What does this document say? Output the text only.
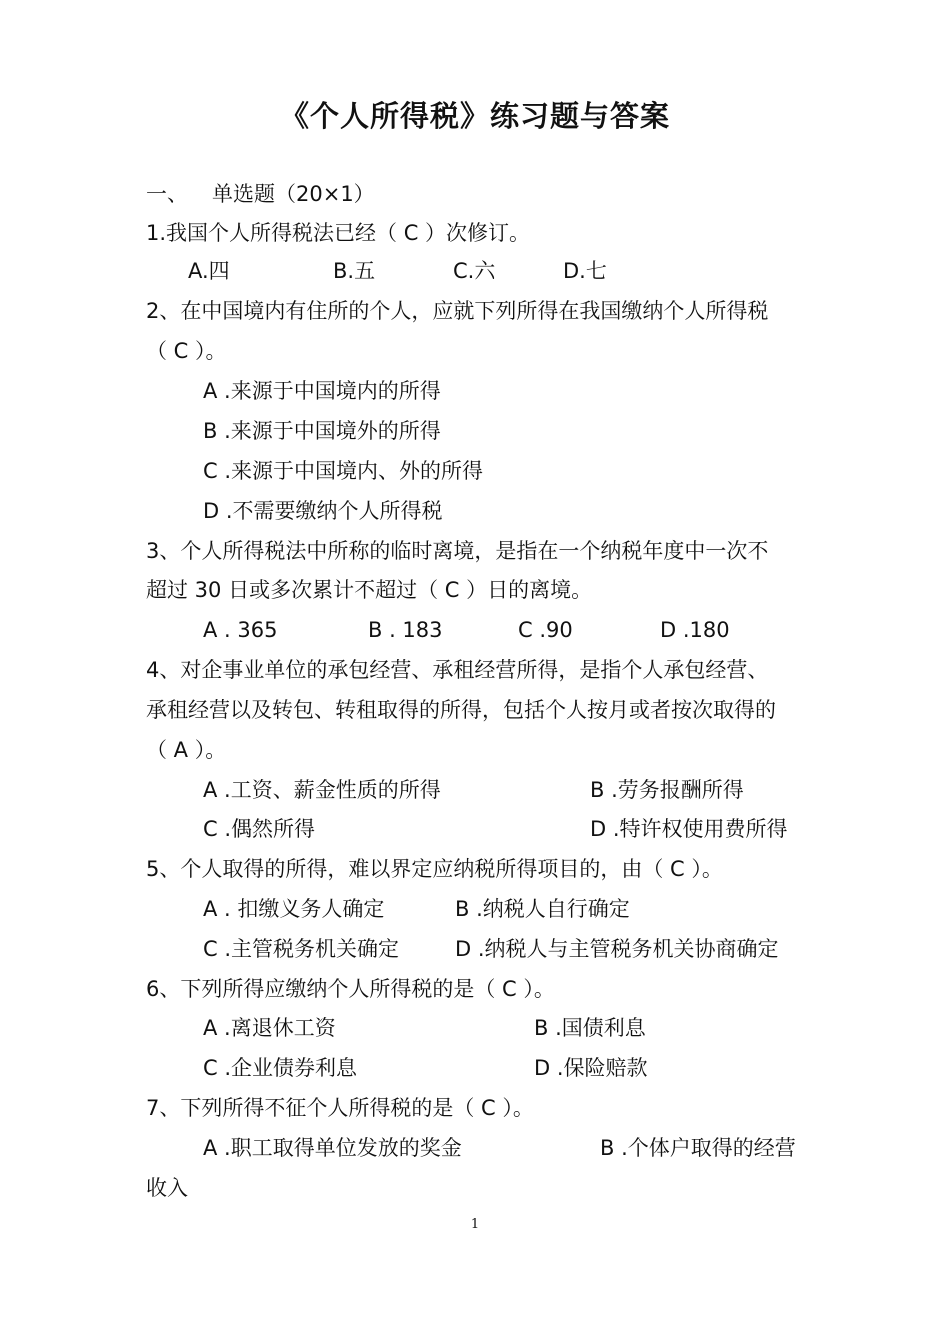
《个人所得税》练习题与答案
一、 单选题（20×1）
1.我国个人所得税法已经（ C ）次修订。
A.四	B.五	C.六	D.七
2、在中国境内有住所的个人，应就下列所得在我国缴纳个人所得税
（ C ）。
A .来源于中国境内的所得
B .来源于中国境外的所得
C .来源于中国境内、外的所得
D .不需要缴纳个人所得税
3、个人所得税法中所称的临时离境，是指在一个纳税年度中一次不
超过 30 日或多次累计不超过（ C ）日的离境。
A . 365	B . 183	C .90	D .180
4、对企事业单位的承包经营、承租经营所得，是指个人承包经营、
承租经营以及转包、转租取得的所得，包括个人按月或者按次取得的
（ A ）。
A .工资、薪金性质的所得	B .劳务报酬所得
C .偶然所得	D .特许权使用费所得
5、个人取得的所得，难以界定应纳税所得项目的，由（ C ）。
A . 扣缴义务人确定	B .纳税人自行确定
C .主管税务机关确定	D .纳税人与主管税务机关协商确定
6、下列所得应缴纳个人所得税的是（ C ）。
A .离退休工资	B .国债利息
C .企业债券利息	D .保险赔款
7、下列所得不征个人所得税的是（ C ）。
A .职工取得单位发放的奖金	B .个体户取得的经营
收入
1
